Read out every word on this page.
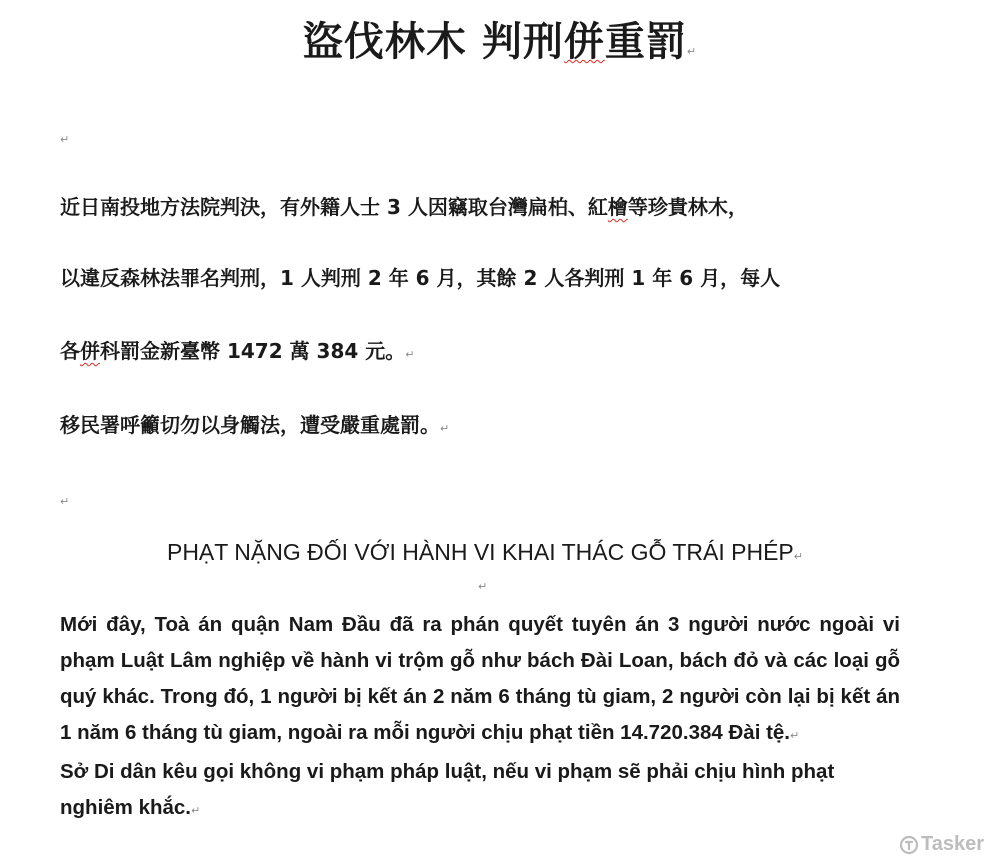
盜伐林木 判刑併重罰↵
↵
近日南投地方法院判決，有外籍人士 3 人因竊取台灣扁柏、紅檜等珍貴林木，
以違反森林法罪名判刑，1 人判刑 2 年 6 月，其餘 2 人各判刑 1 年 6 月，每人
各併科罰金新臺幣 1472 萬 384 元。↵
移民署呼籲切勿以身觸法，遭受嚴重處罰。↵
↵
PHẠT NẶNG ĐỐI VỚI HÀNH VI KHAI THÁC GỖ TRÁI PHÉP↵
↵

Mới đây, Toà án quận Nam Đầu đã ra phán quyết tuyên án 3 người nước ngoài vi phạm Luật Lâm nghiệp về hành vi trộm gỗ như bách Đài Loan, bách đỏ và các loại gỗ quý khác. Trong đó, 1 người bị kết án 2 năm 6 tháng tù giam, 2 người còn lại bị kết án 1 năm 6 tháng tù giam, ngoài ra mỗi người chịu phạt tiền 14.720.384 Đài tệ.↵

Sở Di dân kêu gọi không vi phạm pháp luật, nếu vi phạm sẽ phải chịu hình phạt nghiêm khắc.↵

Tasker
